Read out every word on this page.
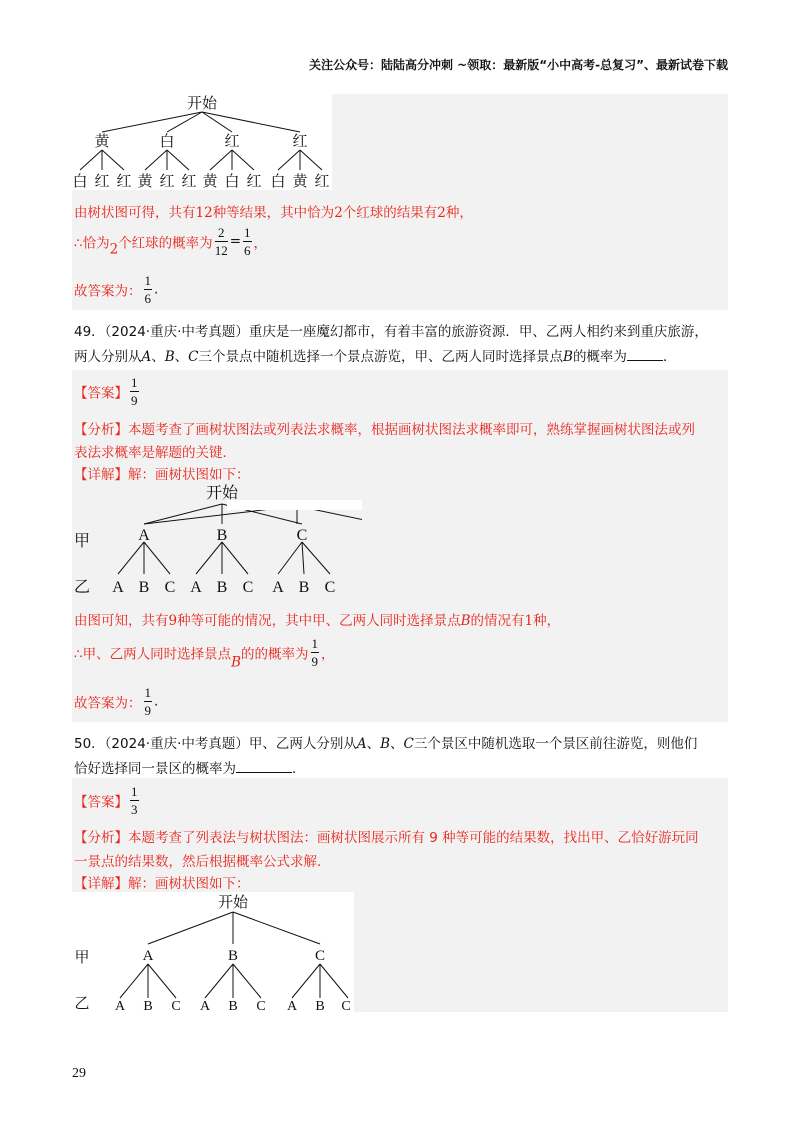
关注公众号：陆陆高分冲刺 ~领取：最新版“小中高考-总复习”、最新试卷下载
开始
黄	白	红	红
白 红 红 黄 红 红 黄 白 红 白 黄 红
由树状图可得，共有12种等结果，其中恰为2个红球的结果有2种，
∴恰为2个红球的概率为 $\frac{2}{12} = \frac{1}{6}$ ，
故答案为： $\frac{1}{6}$ .
49．（2024·重庆·中考真题）重庆是一座魔幻都市，有着丰富的旅游资源．甲、乙两人相约来到重庆旅游，
两人分别从A、B、C三个景点中随机选择一个景点游览，甲、乙两人同时选择景点B的概率为	．
【答案】 $\frac{1}{9}$
【分析】本题考查了画树状图法或列表法求概率，根据画树状图法求概率即可，熟练掌握画树状图法或列
表法求概率是解题的关键．
【详解】解：画树状图如下：
开始
甲
乙
A	B	C
A B C A B C A B C
由图可知，共有9种等可能的情况，其中甲、乙两人同时选择景点B的情况有1种，
∴甲、乙两人同时选择景点B的的概率为 $\frac{1}{9}$ ，
故答案为： $\frac{1}{9}$ .
50．（2024·重庆·中考真题）甲、乙两人分别从A、B、C三个景区中随机选取一个景区前往游览，则他们
恰好选择同一景区的概率为	．
【答案】 $\frac{1}{3}$
【分析】本题考查了列表法与树状图法：画树状图展示所有 9 种等可能的结果数，找出甲、乙恰好游玩同
一景点的结果数，然后根据概率公式求解．
【详解】解：画树状图如下：
开始
甲
乙
A	B	C
A B C A B C A B C
29
